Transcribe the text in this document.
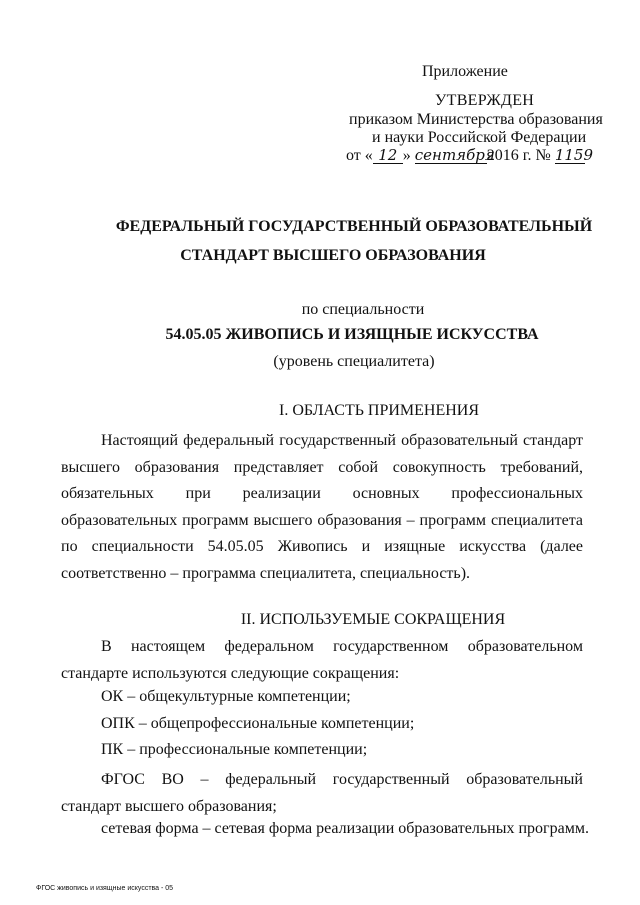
Приложение
УТВЕРЖДЕН
приказом Министерства образования
и науки Российской Федерации
от « 12 » сентября2016 г. № 1159
ФЕДЕРАЛЬНЫЙ ГОСУДАРСТВЕННЫЙ ОБРАЗОВАТЕЛЬНЫЙ
СТАНДАРТ ВЫСШЕГО ОБРАЗОВАНИЯ
по специальности
54.05.05 ЖИВОПИСЬ И ИЗЯЩНЫЕ ИСКУССТВА
(уровень специалитета)
I. ОБЛАСТЬ ПРИМЕНЕНИЯ
Настоящий федеральный государственный образовательный стандарт высшего образования представляет собой совокупность требований, обязательных при реализации основных профессиональных образовательных программ высшего образования – программ специалитета по специальности 54.05.05 Живопись и изящные искусства (далее соответственно – программа специалитета, специальность).
II. ИСПОЛЬЗУЕМЫЕ СОКРАЩЕНИЯ
В настоящем федеральном государственном образовательном стандарте используются следующие сокращения:
ОК – общекультурные компетенции;
ОПК – общепрофессиональные компетенции;
ПК – профессиональные компетенции;
ФГОС ВО – федеральный государственный образовательный стандарт высшего образования;
сетевая форма – сетевая форма реализации образовательных программ.
ФГОС живопись и изящные искусства - 05
